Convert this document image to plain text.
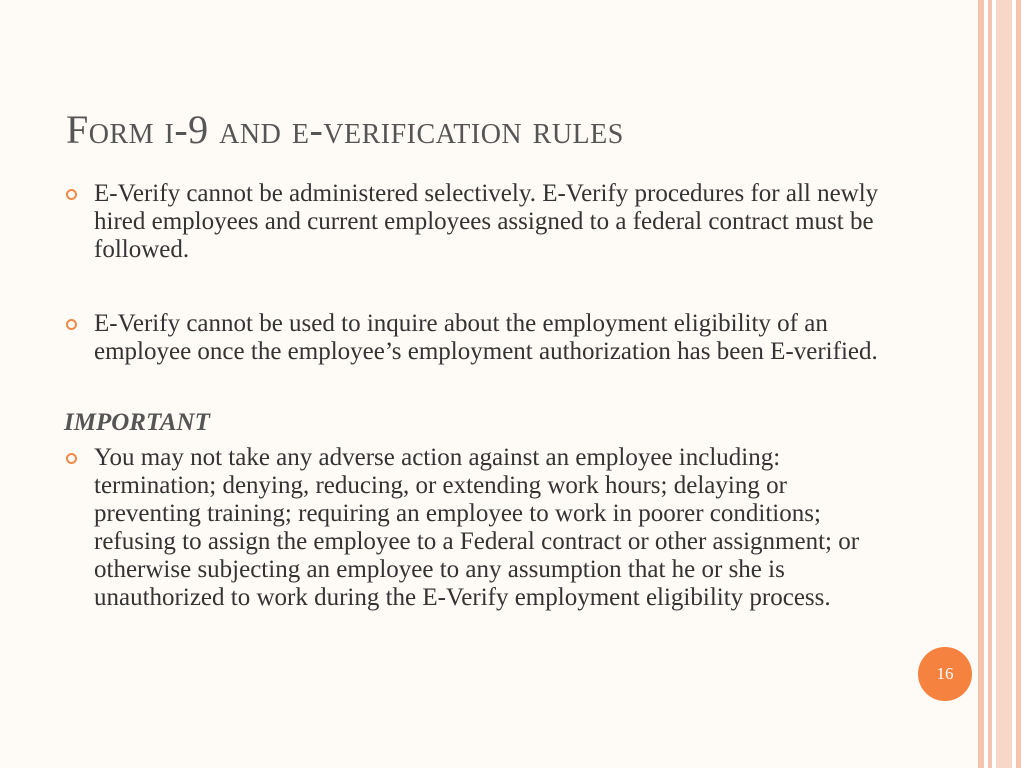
Form i-9 and e-verification rules
E-Verify cannot be administered selectively. E-Verify procedures for all newly hired employees and current employees assigned to a federal contract must be followed.
E-Verify cannot be used to inquire about the employment eligibility of an employee once the employee’s employment authorization has been E-verified.
IMPORTANT
You may not take any adverse action against an employee including: termination; denying, reducing, or extending work hours; delaying or preventing training; requiring an employee to work in poorer conditions; refusing to assign the employee to a Federal contract or other assignment; or otherwise subjecting an employee to any assumption that he or she is unauthorized to work during the E-Verify employment eligibility process.
16
